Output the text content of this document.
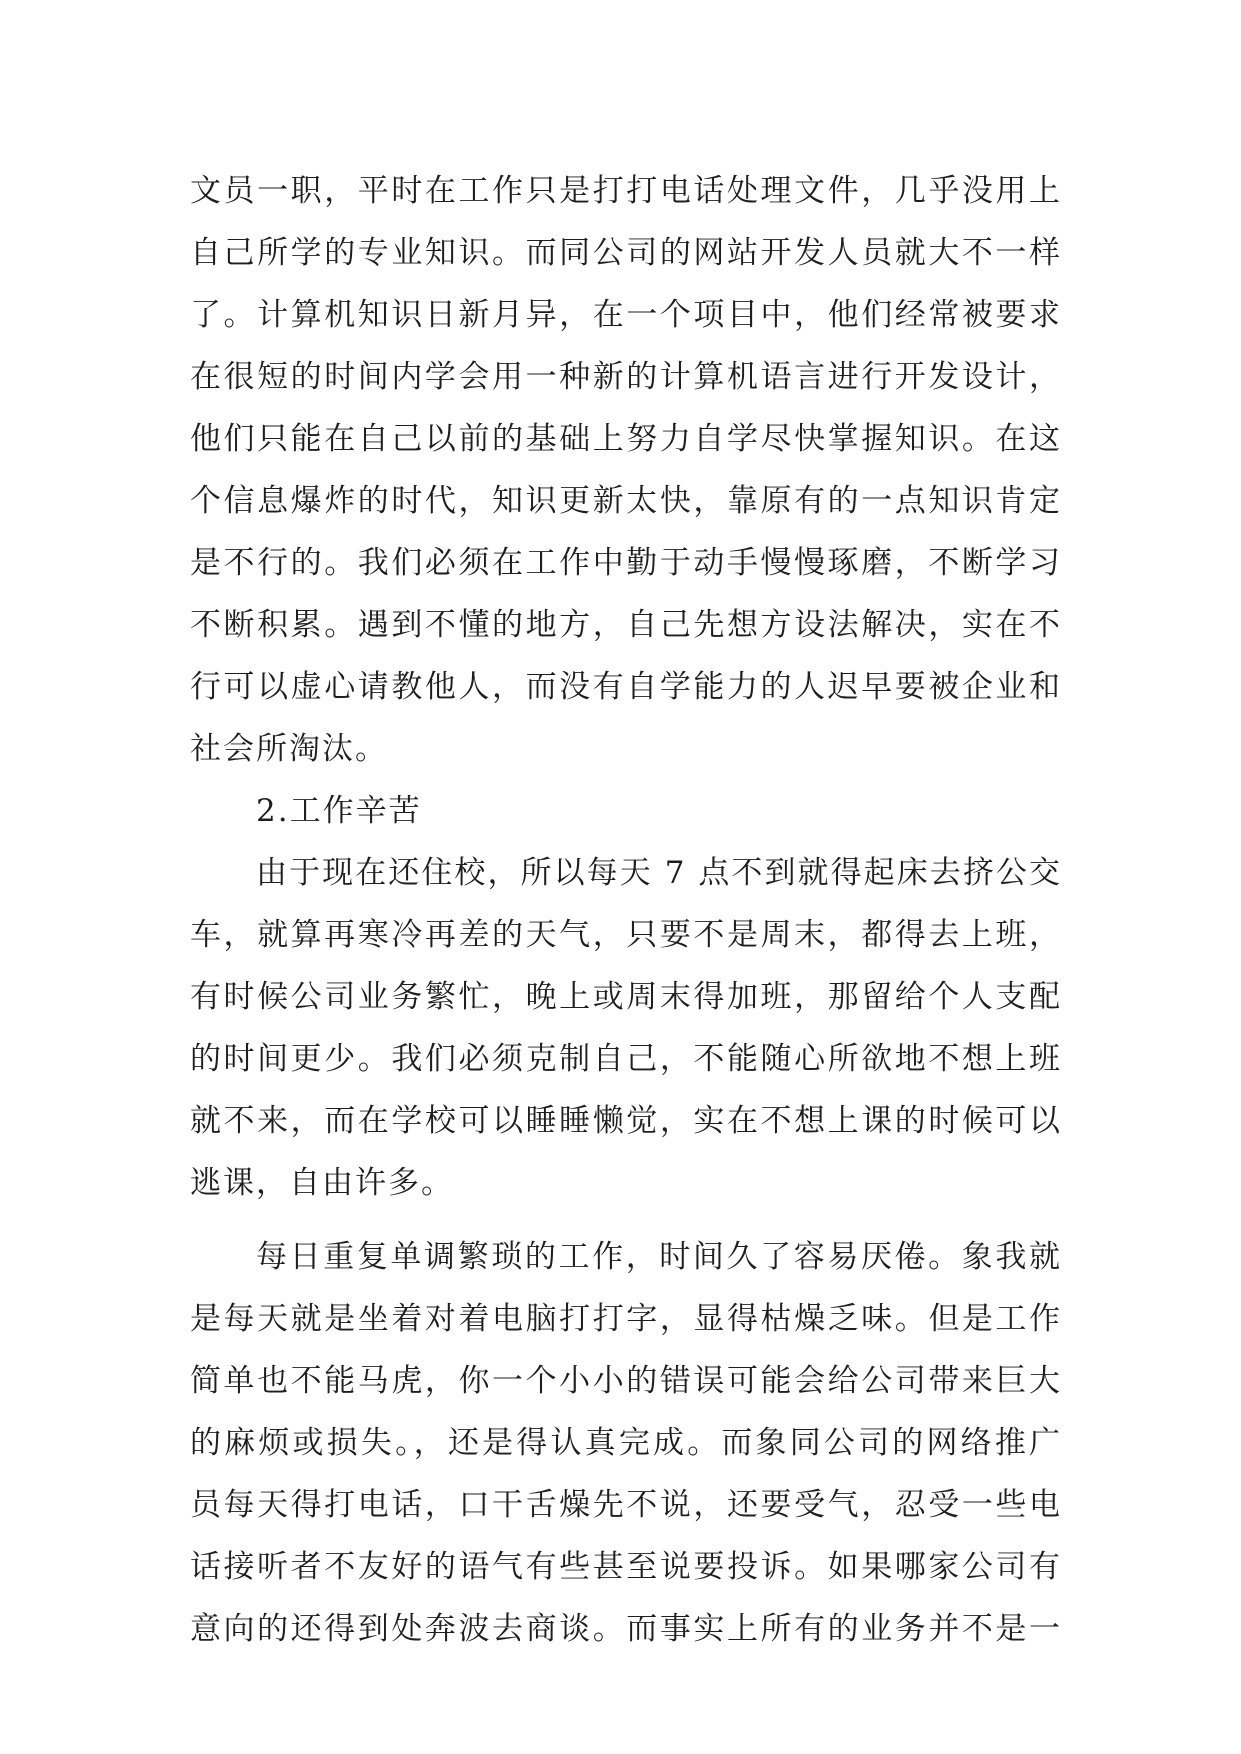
文员一职，平时在工作只是打打电话处理文件，几乎没用上
自己所学的专业知识。而同公司的网站开发人员就大不一样
了。计算机知识日新月异，在一个项目中，他们经常被要求
在很短的时间内学会用一种新的计算机语言进行开发设计，
他们只能在自己以前的基础上努力自学尽快掌握知识。在这
个信息爆炸的时代，知识更新太快，靠原有的一点知识肯定
是不行的。我们必须在工作中勤于动手慢慢琢磨，不断学习
不断积累。遇到不懂的地方，自己先想方设法解决，实在不
行可以虚心请教他人，而没有自学能力的人迟早要被企业和
社会所淘汰。
2.工作辛苦
由于现在还住校，所以每天 7 点不到就得起床去挤公交
车，就算再寒冷再差的天气，只要不是周末，都得去上班，
有时候公司业务繁忙，晚上或周末得加班，那留给个人支配
的时间更少。我们必须克制自己，不能随心所欲地不想上班
就不来，而在学校可以睡睡懒觉，实在不想上课的时候可以
逃课，自由许多。
每日重复单调繁琐的工作，时间久了容易厌倦。象我就
是每天就是坐着对着电脑打打字，显得枯燥乏味。但是工作
简单也不能马虎，你一个小小的错误可能会给公司带来巨大
的麻烦或损失。，还是得认真完成。而象同公司的网络推广
员每天得打电话，口干舌燥先不说，还要受气，忍受一些电
话接听者不友好的语气有些甚至说要投诉。如果哪家公司有
意向的还得到处奔波去商谈。而事实上所有的业务并不是一
